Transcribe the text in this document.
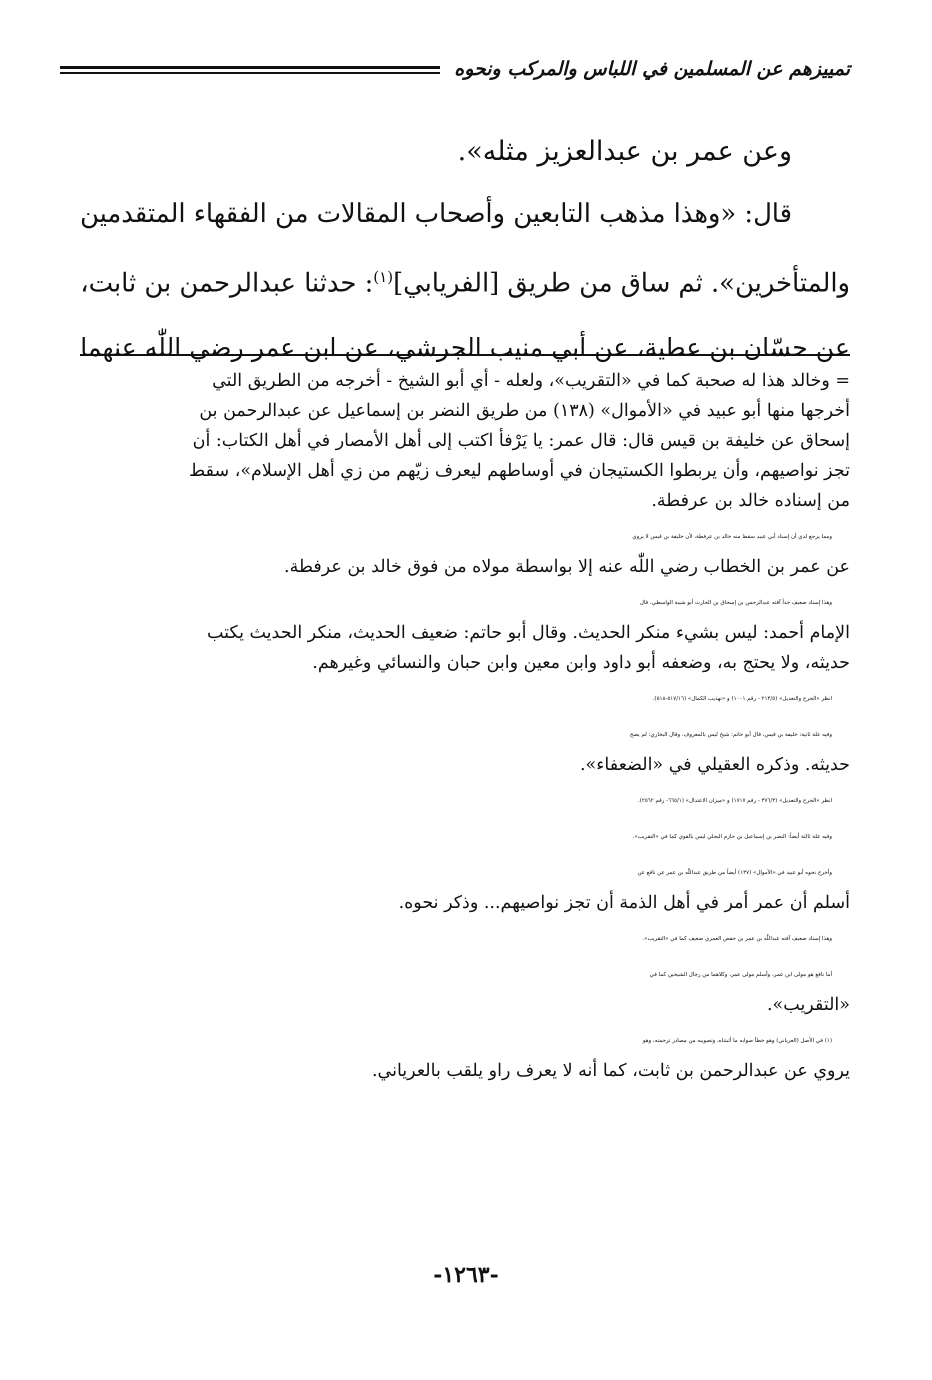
تمييزهم عن المسلمين في اللباس والمركب ونحوه

وعن عمر بن عبدالعزيز مثله».

قال: «وهذا مذهب التابعين وأصحاب المقالات من الفقهاء المتقدمين

والمتأخرين». ثم ساق من طريق [الفريابي]$^{(١)}$: حدثنا عبدالرحمن بن ثابت،
عن حسّان بن عطية، عن أبي منيب الجرشي، عن ابن عمر رضي اللّٰه عنهما

= وخالد هذا له صحبة كما في «التقريب»، ولعله - أي أبو الشيخ - أخرجه من الطريق التي
أخرجها منها أبو عبيد في «الأموال» (١٣٨) من طريق النضر بن إسماعيل عن عبدالرحمن بن
إسحاق عن خليفة بن قيس قال: قال عمر: يا يَرْفأ اكتب إلى أهل الأمصار في أهل الكتاب: أن
تجز نواصيهم، وأن يربطوا الكستيجان في أوساطهم ليعرف زيّهم من زي أهل الإسلام»، سقط
من إسناده خالد بن عرفطة.
ومما يرجع لدي أن إسناد أبي عبيد سقط منه خالد بن عرفطة، لأن خليفة بن قيس لا يروي
عن عمر بن الخطاب رضي اللّٰه عنه إلا بواسطة مولاه من فوق خالد بن عرفطة.
وهذا إسناد ضعيف جداً آفته عبدالرحمن بن إسحاق بن الحارث أبو شيبة الواسطي، قال
الإمام أحمد: ليس بشيء منكر الحديث. وقال أبو حاتم: ضعيف الحديث، منكر الحديث يكتب
حديثه، ولا يحتج به، وضعفه أبو داود وابن معين وابن حبان والنسائي وغيرهم.
انظر «الجرح والتعديل» (٢١٣/٥ - رقم ١٠٠١) و «تهذيب الكمال» (٥١٧/١٦-٥١٨).
وفيه علة ثانية: خليفة بن قيس، قال أبو حاتم: شيخ ليس بالمعروف. وقال البخاري: لم يصح
حديثه. وذكره العقيلي في «الضعفاء».
انظر «الجرح والتعديل» (٣٧٦/٣ - رقم ١٧١٧) و «ميزان الاعتدال» (٦٦٥/١- رقم ٢٥٦٢).
وفيه علة ثالثة أيضاً: النضر بن إسماعيل بن حازم البجلي ليس بالقوي كما في «التقريب».
وأخرج نحوه أبو عبيد في «الأموال» (١٣٧) أيضاً من طريق عبداللّٰه بن عمر عن نافع عن
أسلم أن عمر أمر في أهل الذمة أن تجز نواصيهم... وذكر نحوه.
وهذا إسناد ضعيف آفته عبداللّٰه بن عمر بن حفص العمري ضعيف كما في «التقريب».
أما نافع هو مولى ابن عمر، وأسلم مولى عمر، وكلاهما من رجال الشيخين كما في
«التقريب».
(١) في الأصل (العرياني) وهو خطأ صوابه ما أثبتناه، وتصويبه من مصادر ترجمته، وهو
يروي عن عبدالرحمن بن ثابت، كما أنه لا يعرف راو يلقب بالعرياني.
-١٢٦٣-
